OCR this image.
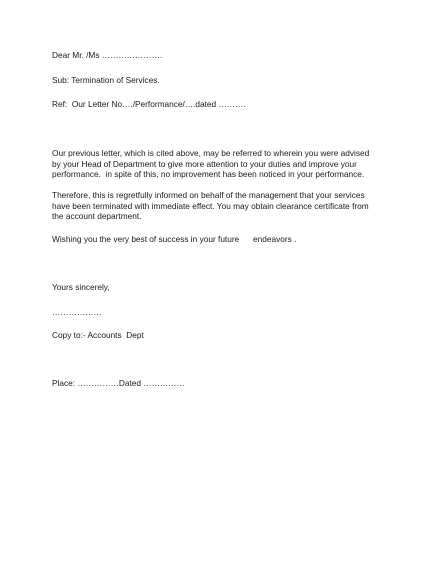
Dear Mr. /Ms ………………….
Sub: Termination of Services.
Ref:  Our Letter No…./Performance/….dated ……….
Our previous letter, which is cited above, may be referred to wherein you were advised
by your Head of Department to give more attention to your duties and improve your
performance.  in spite of this, no improvement has been noticed in your performance.
Therefore, this is regretfully informed on behalf of the management that your services
have been terminated with immediate effect. You may obtain clearance certificate from
the account department.
Wishing you the very best of success in your future      endeavors .
Yours sincerely,
………………
Copy to:- Accounts  Dept
Place: ……………Dated ……………
